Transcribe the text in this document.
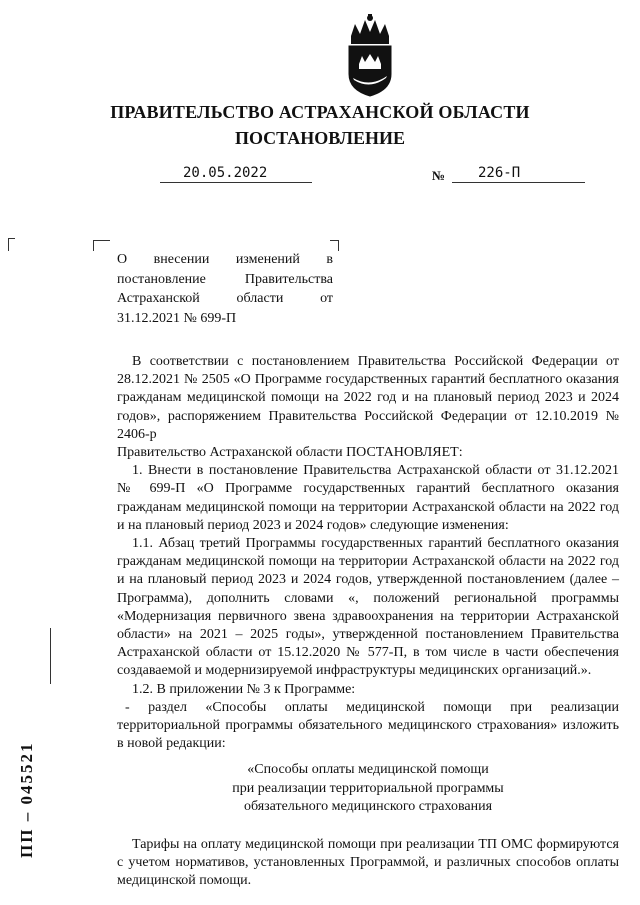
ПРАВИТЕЛЬСТВО АСТРАХАНСКОЙ ОБЛАСТИ
ПОСТАНОВЛЕНИЕ
20.05.2022	№ 226-П
О внесении изменений в постановление Правительства Астраханской области от 31.12.2021 № 699-П

В соответствии с постановлением Правительства Российской Федерации от 28.12.2021 № 2505 «О Программе государственных гарантий бесплатного оказания гражданам медицинской помощи на 2022 год и на плановый период 2023 и 2024 годов», распоряжением Правительства Российской Федерации от 12.10.2019 № 2406-р

Правительство Астраханской области ПОСТАНОВЛЯЕТ:

1. Внести в постановление Правительства Астраханской области от 31.12.2021 № 699-П «О Программе государственных гарантий бесплатного оказания гражданам медицинской помощи на территории Астраханской области на 2022 год и на плановый период 2023 и 2024 годов» следующие изменения:

1.1. Абзац третий Программы государственных гарантий бесплатного оказания гражданам медицинской помощи на территории Астраханской области на 2022 год и на плановый период 2023 и 2024 годов, утвержденной постановлением (далее – Программа), дополнить словами «, положений региональной программы «Модернизация первичного звена здравоохранения на территории Астраханской области» на 2021 – 2025 годы», утвержденной постановлением Правительства Астраханской области от 15.12.2020 № 577-П, в том числе в части обеспечения создаваемой и модернизируемой инфраструктуры медицинских организаций.».

1.2. В приложении № 3 к Программе:

- раздел «Способы оплаты медицинской помощи при реализации территориальной программы обязательного медицинского страхования» изложить в новой редакции:

«Способы оплаты медицинской помощи

при реализации территориальной программы

обязательного медицинского страхования

Тарифы на оплату медицинской помощи при реализации ТП ОМС формируются с учетом нормативов, установленных Программой, и различных способов оплаты медицинской помощи.

ПП – 045521
